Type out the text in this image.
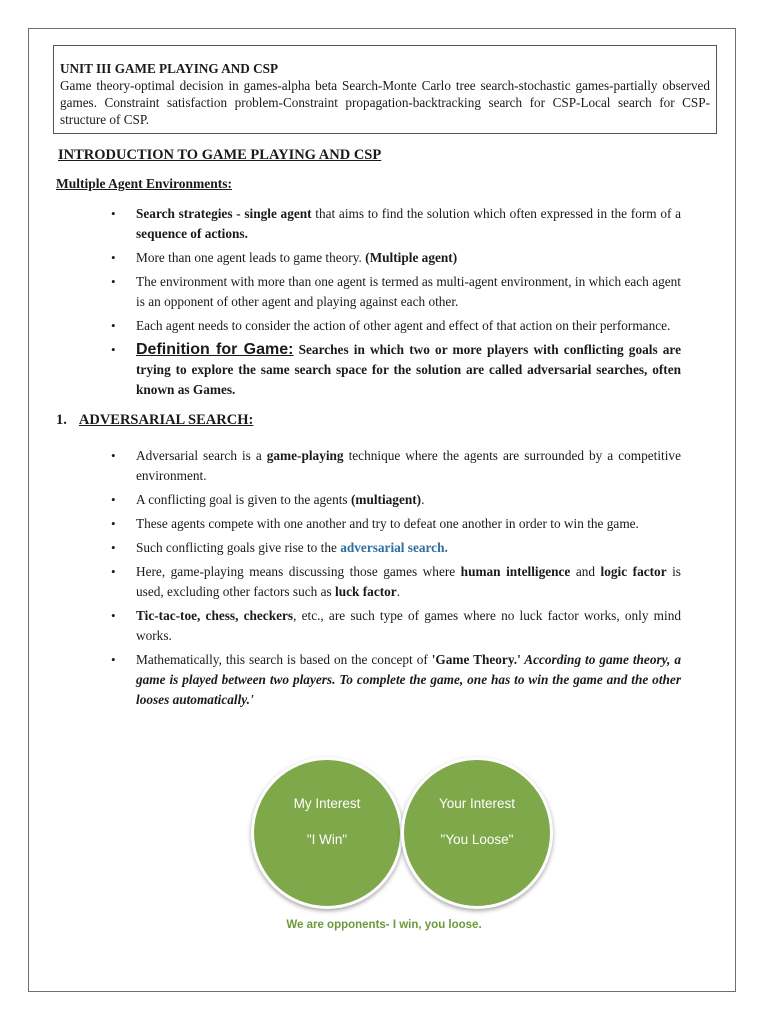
UNIT III GAME PLAYING AND CSP
Game theory-optimal decision in games-alpha beta Search-Monte Carlo tree search-stochastic games-partially observed games. Constraint satisfaction problem-Constraint propagation-backtracking search for CSP-Local search for CSP-structure of CSP.
INTRODUCTION TO GAME PLAYING AND CSP
Multiple Agent Environments:
• Search strategies - single agent that aims to find the solution which often expressed in the form of a sequence of actions.
• More than one agent leads to game theory. (Multiple agent)
• The environment with more than one agent is termed as multi-agent environment, in which each agent is an opponent of other agent and playing against each other.
• Each agent needs to consider the action of other agent and effect of that action on their performance.
• Definition for Game: Searches in which two or more players with conflicting goals are trying to explore the same search space for the solution are called adversarial searches, often known as Games.
1. ADVERSARIAL SEARCH:
• Adversarial search is a game-playing technique where the agents are surrounded by a competitive environment.
• A conflicting goal is given to the agents (multiagent).
• These agents compete with one another and try to defeat one another in order to win the game.
• Such conflicting goals give rise to the adversarial search.
• Here, game-playing means discussing those games where human intelligence and logic factor is used, excluding other factors such as luck factor.
• Tic-tac-toe, chess, checkers, etc., are such type of games where no luck factor works, only mind works.
• Mathematically, this search is based on the concept of 'Game Theory.' According to game theory, a game is played between two players. To complete the game, one has to win the game and the other looses automatically.'
My Interest
"I Win"
Your Interest
"You Loose"
We are opponents- I win, you loose.
